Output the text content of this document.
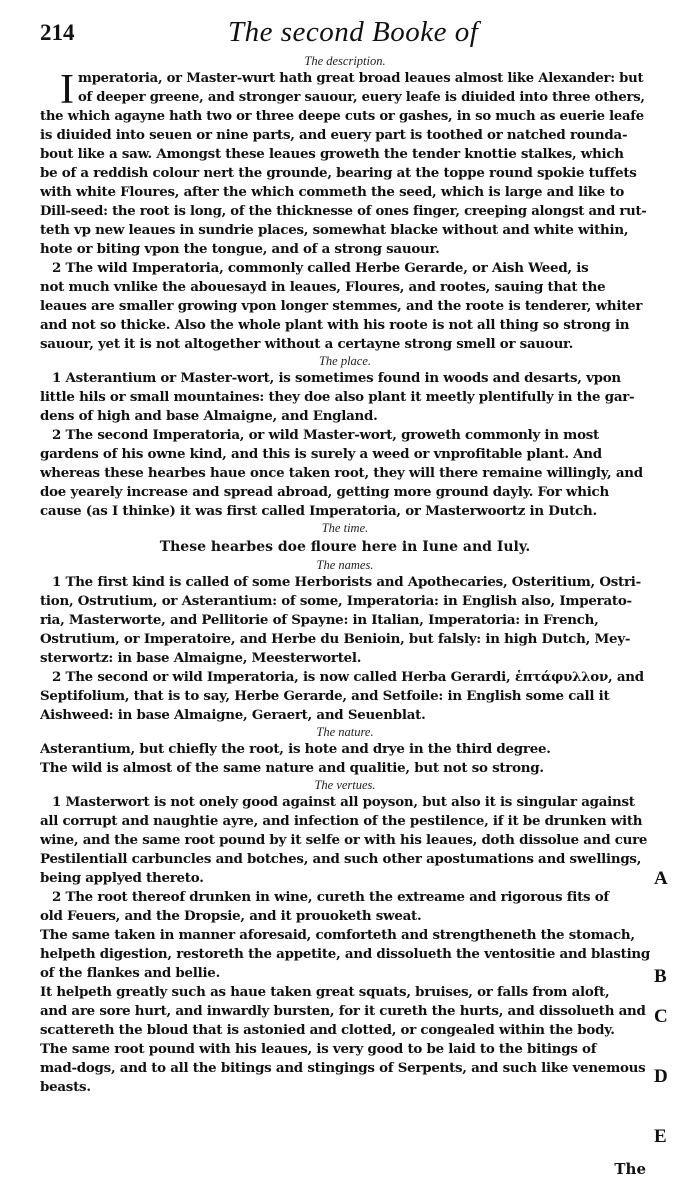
214	The second Booke of
The description.
I mperatoria, or Master-wurt hath great broad leaues almost like Alexander: but
of deeper greene, and stronger sauour, euery leafe is diuided into three others,
the which agayne hath two or three deepe cuts or gashes, in so much as euerie leafe
is diuided into seuen or nine parts, and euery part is toothed or natched rounda-
bout like a saw. Amongst these leaues groweth the tender knottie stalkes, which
be of a reddish colour nert the grounde, bearing at the toppe round spokie tuffets
with white Floures, after the which commeth the seed, which is large and like to
Dill-seed: the root is long, of the thicknesse of ones finger, creeping alongst and rut-
teth vp new leaues in sundrie places, somewhat blacke without and white within,
hote or biting vpon the tongue, and of a strong sauour.
2 The wild Imperatoria, commonly called Herbe Gerarde, or Aish Weed, is
not much vnlike the abouesayd in leaues, Floures, and rootes, sauing that the
leaues are smaller growing vpon longer stemmes, and the roote is tenderer, whiter
and not so thicke. Also the whole plant with his roote is not all thing so strong in
sauour, yet it is not altogether without a certayne strong smell or sauour.
The place.
1 Asterantium or Master-wort, is sometimes found in woods and desarts, vpon
little hils or small mountaines: they doe also plant it meetly plentifully in the gar-
dens of high and base Almaigne, and England.
2 The second Imperatoria, or wild Master-wort, groweth commonly in most
gardens of his owne kind, and this is surely a weed or vnprofitable plant. And
whereas these hearbes haue once taken root, they will there remaine willingly, and
doe yearely increase and spread abroad, getting more ground dayly. For which
cause (as I thinke) it was first called Imperatoria, or Masterwoortz in Dutch.
The time.
These hearbes doe floure here in Iune and Iuly.
The names.
1 The first kind is called of some Herborists and Apothecaries, Osteritium, Ostri-
tion, Ostrutium, or Asterantium: of some, Imperatoria: in English also, Imperato-
ria, Masterworte, and Pellitorie of Spayne: in Italian, Imperatoria: in French,
Ostrutium, or Imperatoire, and Herbe du Benioin, but falsly: in high Dutch, Mey-
sterwortz: in base Almaigne, Meesterwortel.
2 The second or wild Imperatoria, is now called Herba Gerardi, ἑπτάφυλλον, and
Septifolium, that is to say, Herbe Gerarde, and Setfoile: in English some call it
Aishweed: in base Almaigne, Geraert, and Seuenblat.
The nature.
Asterantium, but chiefly the root, is hote and drye in the third degree.
The wild is almost of the same nature and qualitie, but not so strong.
The vertues.
1 Masterwort is not onely good against all poyson, but also it is singular against
all corrupt and naughtie ayre, and infection of the pestilence, if it be drunken with
wine, and the same root pound by it selfe or with his leaues, doth dissolue and cure
Pestilentiall carbuncles and botches, and such other apostumations and swellings,
being applyed thereto.
2 The root thereof drunken in wine, cureth the extreame and rigorous fits of
old Feuers, and the Dropsie, and it prouoketh sweat.
The same taken in manner aforesaid, comforteth and strengtheneth the stomach,
helpeth digestion, restoreth the appetite, and dissolueth the ventositie and blasting
of the flankes and bellie.
It helpeth greatly such as haue taken great squats, bruises, or falls from aloft,
and are sore hurt, and inwardly bursten, for it cureth the hurts, and dissolueth and
scattereth the bloud that is astonied and clotted, or congealed within the body.
The same root pound with his leaues, is very good to be laid to the bitings of
mad-dogs, and to all the bitings and stingings of Serpents, and such like venemous
beasts.
A
B
C
D
E
The
